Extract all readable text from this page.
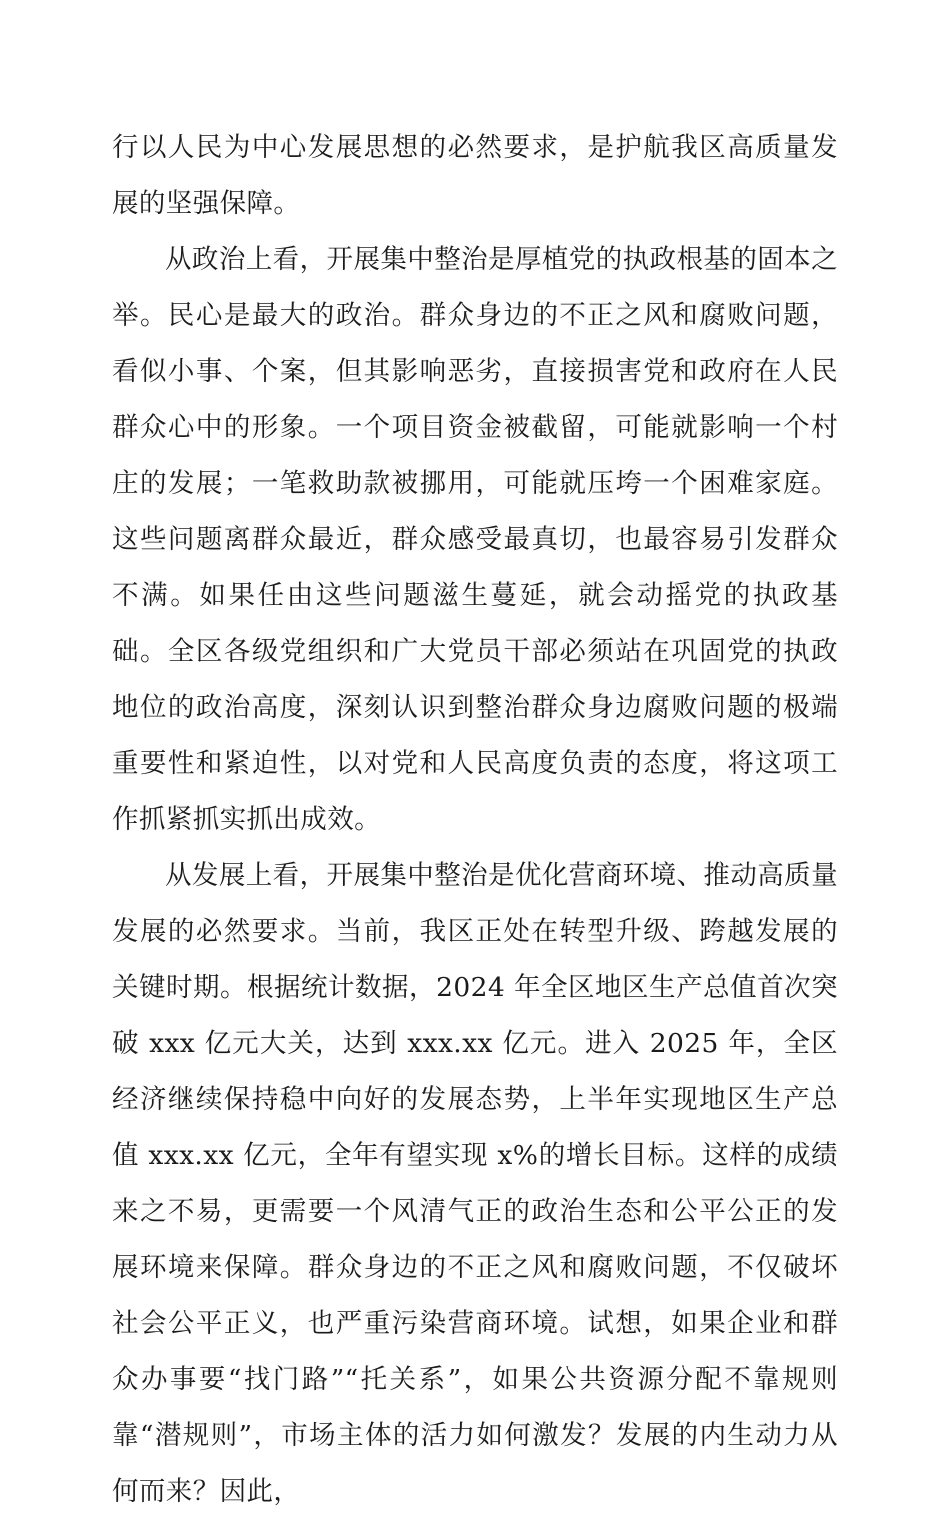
行以人民为中心发展思想的必然要求，是护航我区高质量发展的坚强保障。

从政治上看，开展集中整治是厚植党的执政根基的固本之举。民心是最大的政治。群众身边的不正之风和腐败问题，看似小事、个案，但其影响恶劣，直接损害党和政府在人民群众心中的形象。一个项目资金被截留，可能就影响一个村庄的发展；一笔救助款被挪用，可能就压垮一个困难家庭。这些问题离群众最近，群众感受最真切，也最容易引发群众不满。如果任由这些问题滋生蔓延，就会动摇党的执政基础。全区各级党组织和广大党员干部必须站在巩固党的执政地位的政治高度，深刻认识到整治群众身边腐败问题的极端重要性和紧迫性，以对党和人民高度负责的态度，将这项工作抓紧抓实抓出成效。

从发展上看，开展集中整治是优化营商环境、推动高质量发展的必然要求。当前，我区正处在转型升级、跨越发展的关键时期。根据统计数据，2024 年全区地区生产总值首次突破 xxx 亿元大关，达到 xxx.xx 亿元。进入 2025 年，全区经济继续保持稳中向好的发展态势，上半年实现地区生产总值 xxx.xx 亿元，全年有望实现 x%的增长目标。这样的成绩来之不易，更需要一个风清气正的政治生态和公平公正的发展环境来保障。群众身边的不正之风和腐败问题，不仅破坏社会公平正义，也严重污染营商环境。试想，如果企业和群众办事要“找门路”“托关系”，如果公共资源分配不靠规则靠“潜规则”，市场主体的活力如何激发？发展的内生动力从何而来？因此，
